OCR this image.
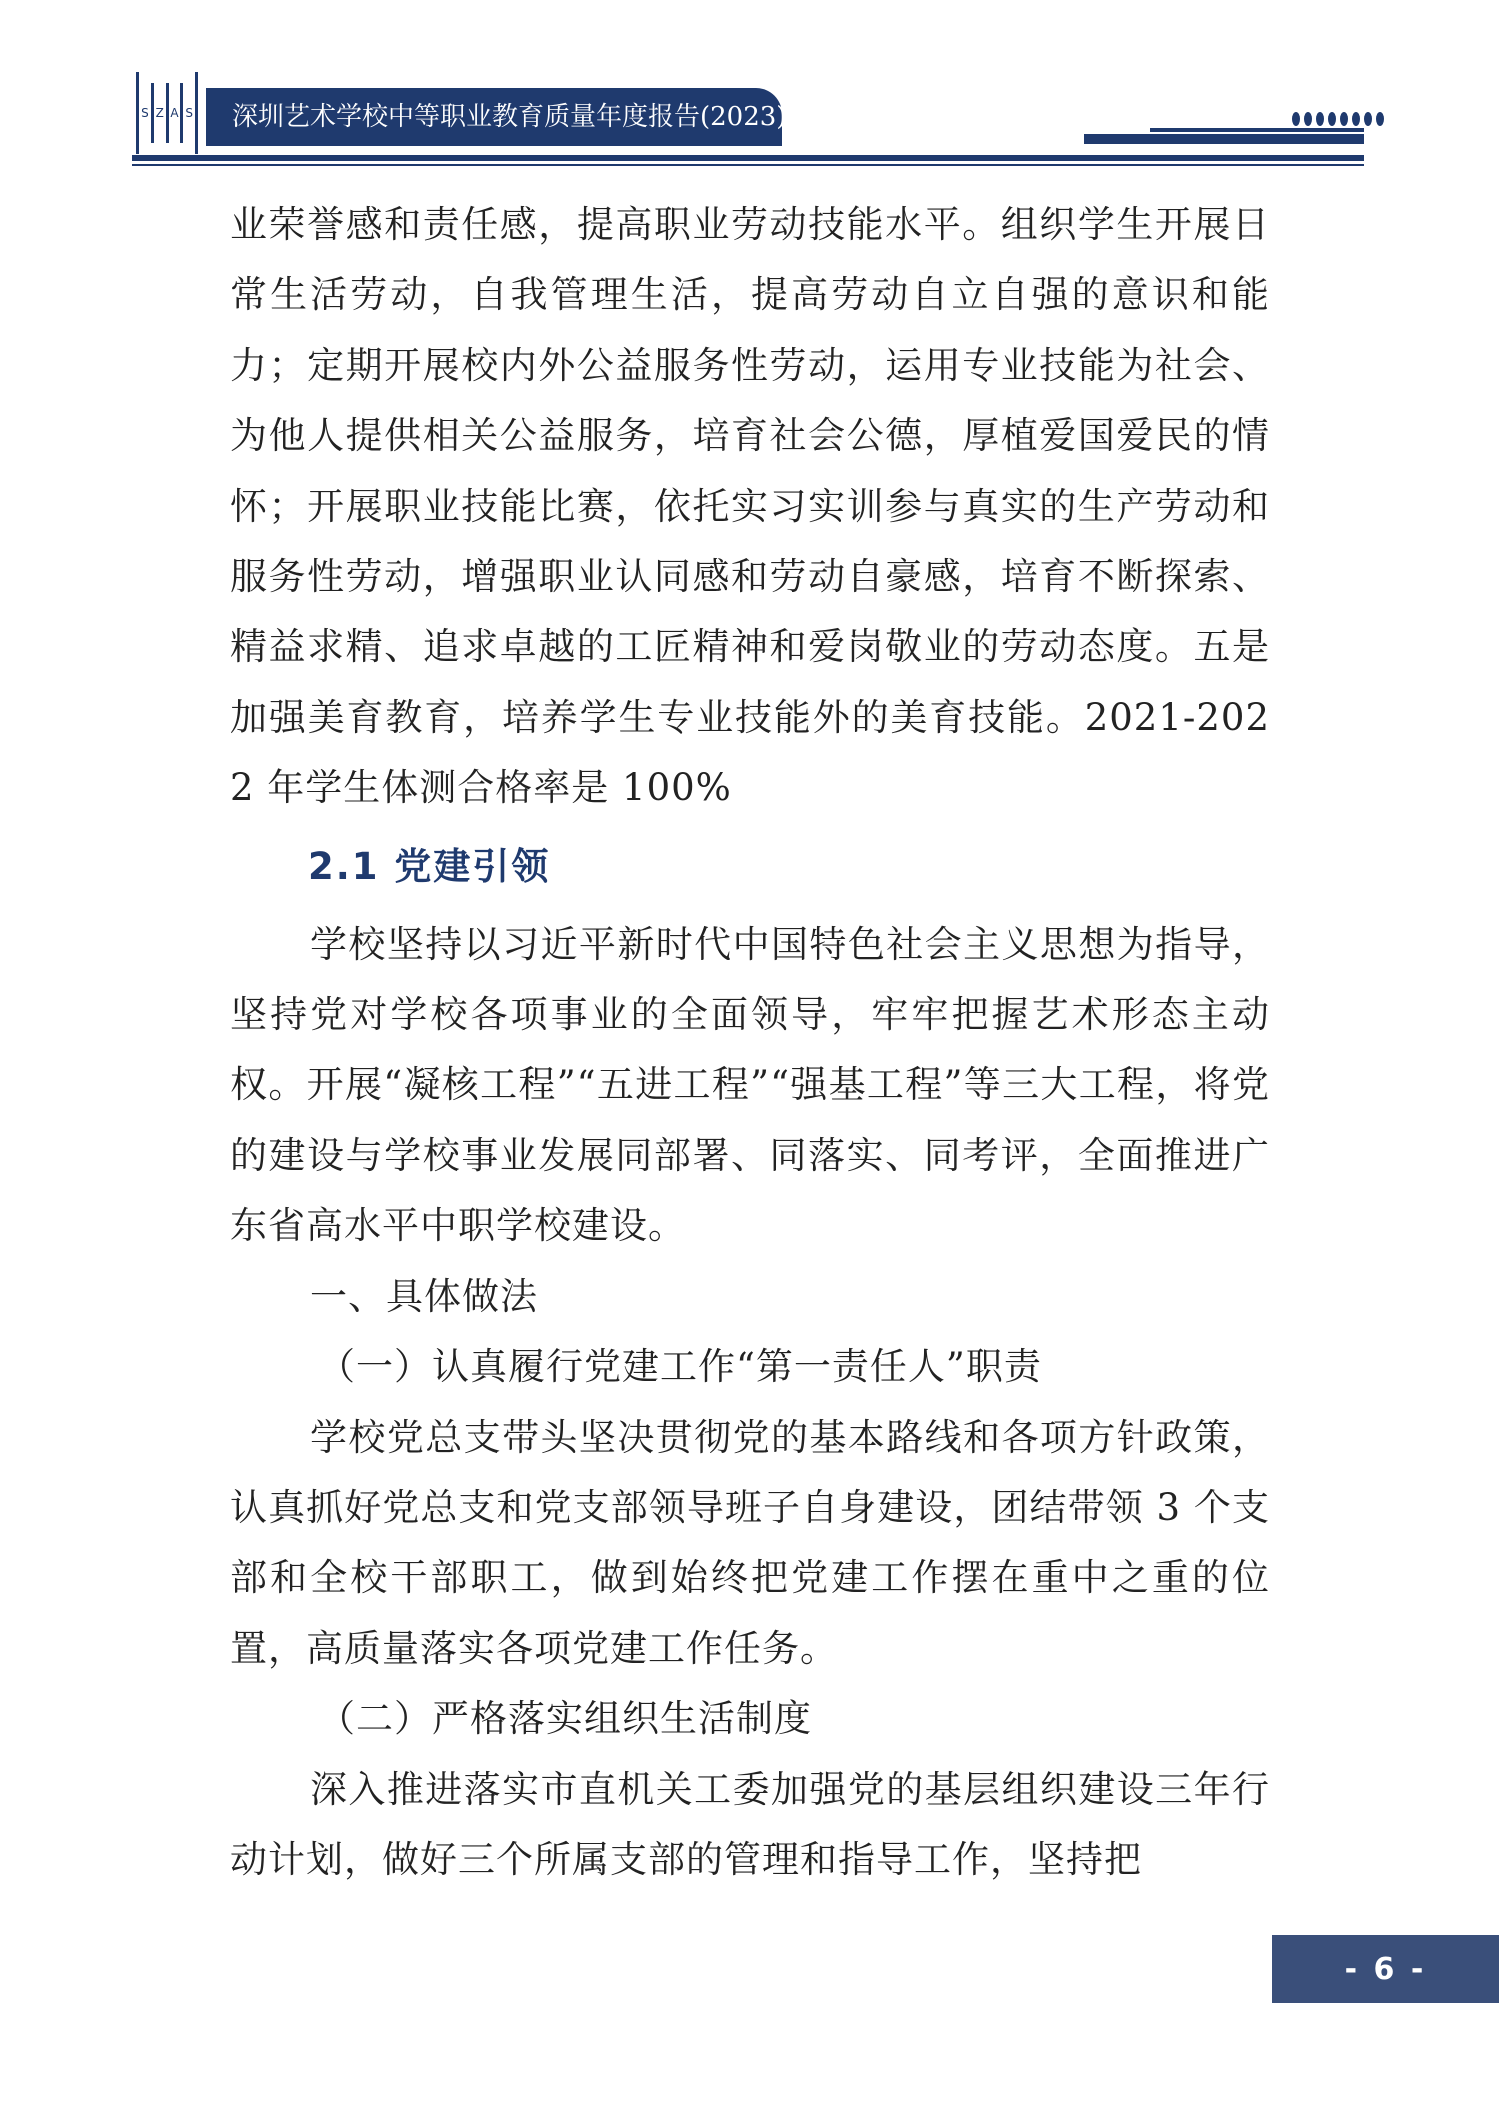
S Z A S 深圳艺术学校中等职业教育质量年度报告(2023)

业荣誉感和责任感，提高职业劳动技能水平。组织学生开展日常生活劳动，自我管理生活，提高劳动自立自强的意识和能力；定期开展校内外公益服务性劳动，运用专业技能为社会、为他人提供相关公益服务，培育社会公德，厚植爱国爱民的情怀；开展职业技能比赛，依托实习实训参与真实的生产劳动和服务性劳动，增强职业认同感和劳动自豪感，培育不断探索、精益求精、追求卓越的工匠精神和爱岗敬业的劳动态度。五是加强美育教育，培养学生专业技能外的美育技能。2021-2022 年学生体测合格率是 100%

2.1 党建引领

学校坚持以习近平新时代中国特色社会主义思想为指导，坚持党对学校各项事业的全面领导，牢牢把握艺术形态主动权。开展“凝核工程”“五进工程”“强基工程”等三大工程，将党的建设与学校事业发展同部署、同落实、同考评，全面推进广东省高水平中职学校建设。

一、具体做法

（一）认真履行党建工作“第一责任人”职责

学校党总支带头坚决贯彻党的基本路线和各项方针政策，认真抓好党总支和党支部领导班子自身建设，团结带领 3 个支部和全校干部职工，做到始终把党建工作摆在重中之重的位置，高质量落实各项党建工作任务。

（二）严格落实组织生活制度

深入推进落实市直机关工委加强党的基层组织建设三年行动计划，做好三个所属支部的管理和指导工作，坚持把

- 6 -
